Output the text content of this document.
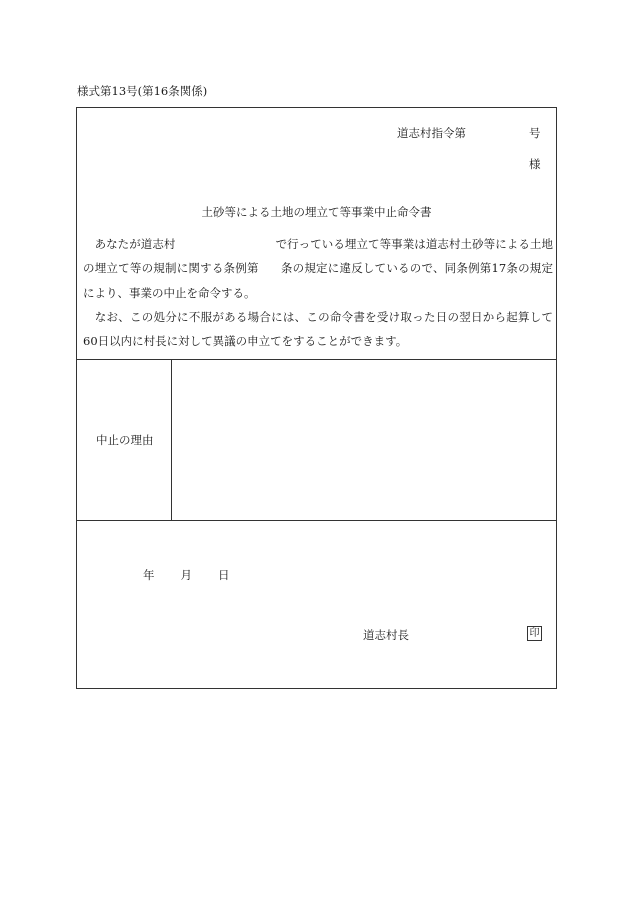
様式第13号(第16条関係)
道志村指令第	号
様
土砂等による土地の埋立て等事業中止命令書

　あなたが道志村	で行っている埋立て等事業は道志村土砂等による土地の埋立て等の規制に関する条例第 条の規定に違反しているので、同条例第17条の規定により、事業の中止を命令する。

　なお、この処分に不服がある場合には、この命令書を受け取った日の翌日から起算して60日以内に村長に対して異議の申立てをすることができます。

中止の理由
年 月 日
道志村長	印
